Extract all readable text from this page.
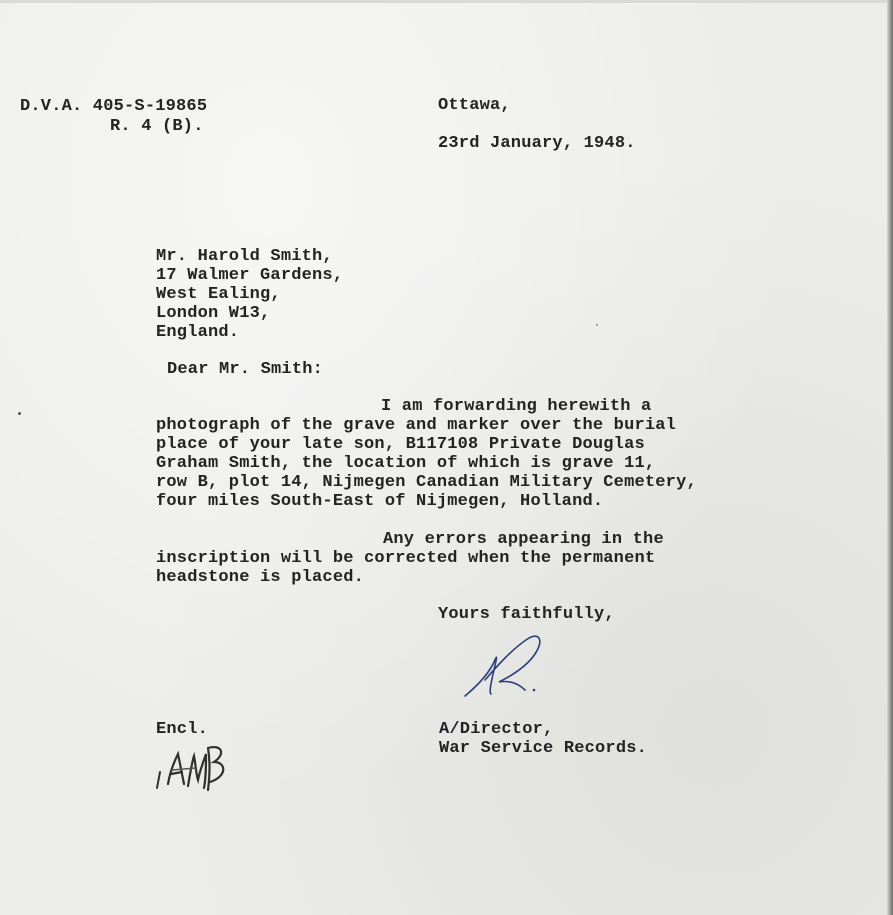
D.V.A. 405-S-19865
R. 4 (B).
Ottawa,
23rd January, 1948.
Mr. Harold Smith,
17 Walmer Gardens,
West Ealing,
London W13,
England.
Dear Mr. Smith:
I am forwarding herewith a
photograph of the grave and marker over the burial
place of your late son, B117108 Private Douglas
Graham Smith, the location of which is grave 11,
row B, plot 14, Nijmegen Canadian Military Cemetery,
four miles South-East of Nijmegen, Holland.
Any errors appearing in the
inscription will be corrected when the permanent
headstone is placed.
Yours faithfully,
Encl.	A/Director,
War Service Records.
